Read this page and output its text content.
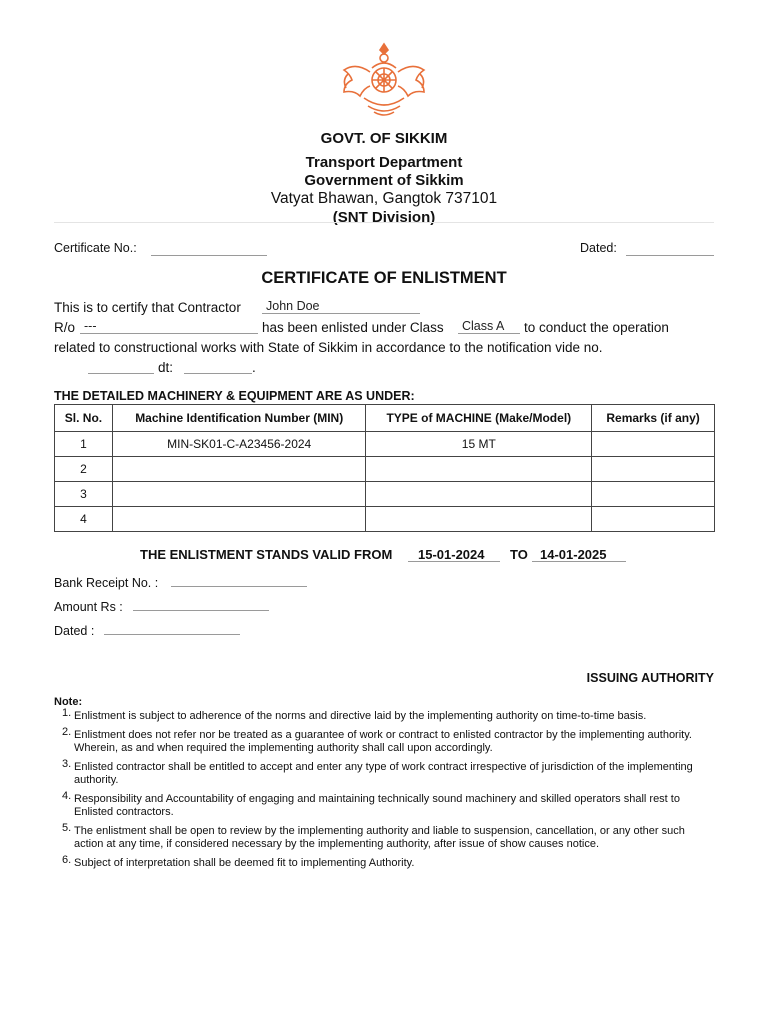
GOVT. OF SIKKIM
Transport Department
Government of Sikkim
Vatyat Bhawan, Gangtok 737101
(SNT Division)
Certificate No.:	Dated:
CERTIFICATE OF ENLISTMENT
This is to certify that Contractor John Doe
R/o ---	has been enlisted under Class Class A to conduct the operation
related to constructional works with State of Sikkim in accordance to the notification vide no.
dt:	.
THE DETAILED MACHINERY & EQUIPMENT ARE AS UNDER:
Sl. No.	Machine Identification Number (MIN)	TYPE of MACHINE (Make/Model)	Remarks (if any)
1	MIN-SK01-C-A23456-2024	15 MT	
2			
3			
4			
THE ENLISTMENT STANDS VALID FROM 15-01-2024 TO 14-01-2025
Bank Receipt No. :
Amount Rs :
Dated :
ISSUING AUTHORITY
Note:
1. Enlistment is subject to adherence of the norms and directive laid by the implementing authority on time-to-time basis.
2. Enlistment does not refer nor be treated as a guarantee of work or contract to enlisted contractor by the implementing authority. Wherein, as and when required the implementing authority shall call upon accordingly.
3. Enlisted contractor shall be entitled to accept and enter any type of work contract irrespective of jurisdiction of the implementing authority.
4. Responsibility and Accountability of engaging and maintaining technically sound machinery and skilled operators shall rest to Enlisted contractors.
5. The enlistment shall be open to review by the implementing authority and liable to suspension, cancellation, or any other such action at any time, if considered necessary by the implementing authority, after issue of show causes notice.
6. Subject of interpretation shall be deemed fit to implementing Authority.
